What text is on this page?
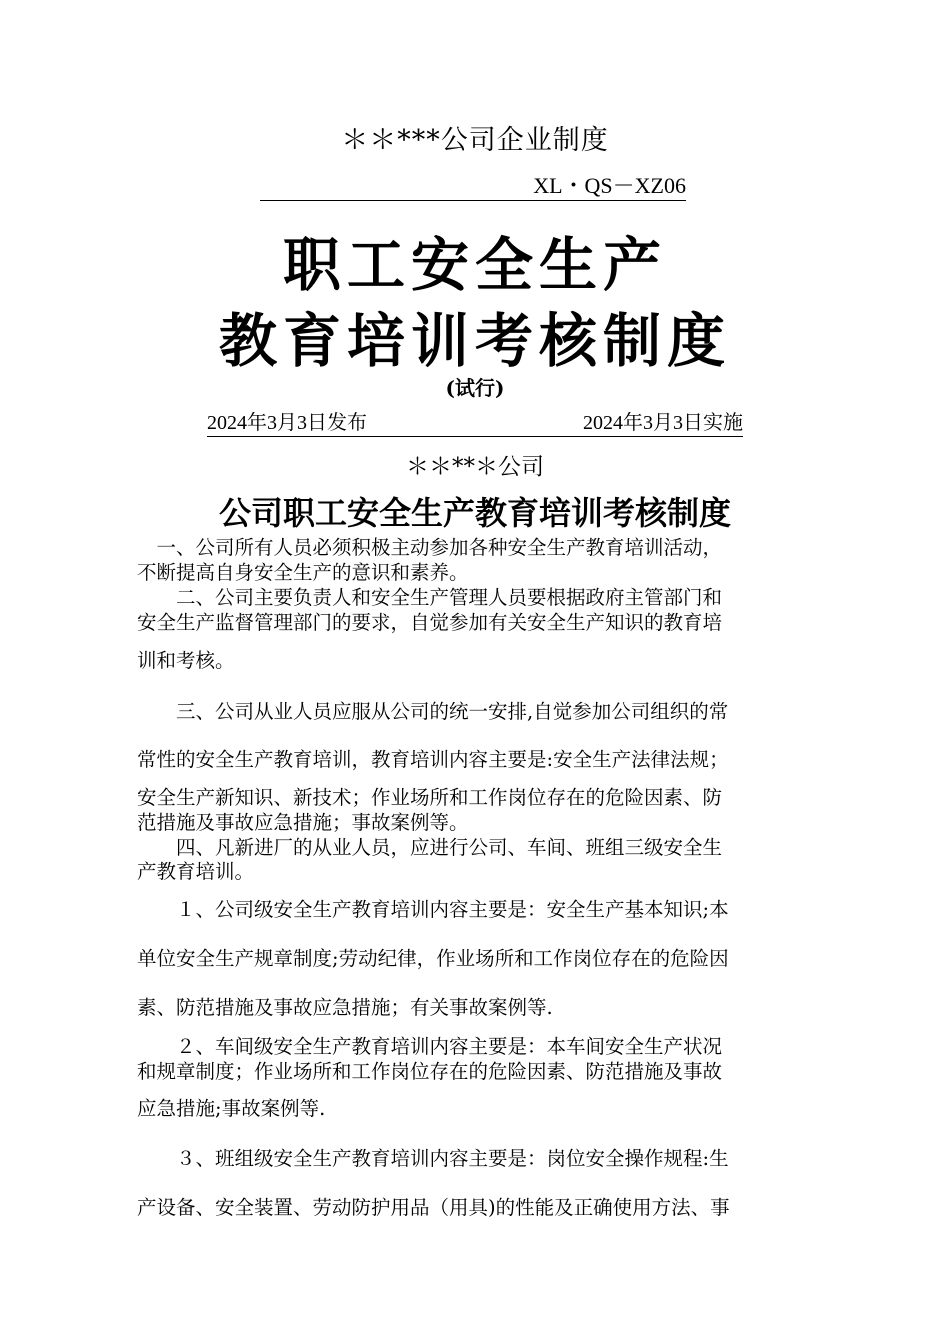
＊＊***公司企业制度
XL・QS－XZ06
职工安全生产
教育培训考核制度
(试行)
2024年3月3日发布	2024年3月3日实施
＊＊**＊公司
公司职工安全生产教育培训考核制度
　一、公司所有人员必须积极主动参加各种安全生产教育培训活动，
不断提高自身安全生产的意识和素养。
　　二、公司主要负责人和安全生产管理人员要根据政府主管部门和
安全生产监督管理部门的要求，自觉参加有关安全生产知识的教育培
训和考核。
　　三、公司从业人员应服从公司的统一安排,自觉参加公司组织的常
常性的安全生产教育培训，教育培训内容主要是:安全生产法律法规；
安全生产新知识、新技术；作业场所和工作岗位存在的危险因素、防
范措施及事故应急措施；事故案例等。
　　四、凡新进厂的从业人员，应进行公司、车间、班组三级安全生
产教育培训。
　　１、公司级安全生产教育培训内容主要是：安全生产基本知识;本
单位安全生产规章制度;劳动纪律，作业场所和工作岗位存在的危险因
素、防范措施及事故应急措施；有关事故案例等.
　　２、车间级安全生产教育培训内容主要是：本车间安全生产状况
和规章制度；作业场所和工作岗位存在的危险因素、防范措施及事故
应急措施;事故案例等.
　　３、班组级安全生产教育培训内容主要是：岗位安全操作规程:生
产设备、安全装置、劳动防护用品（用具)的性能及正确使用方法、事
